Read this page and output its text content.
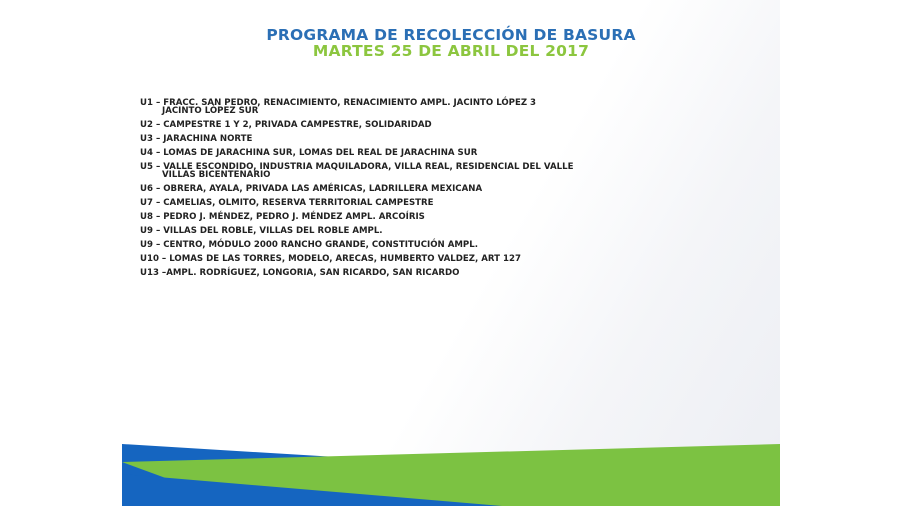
PROGRAMA DE RECOLECCIÓN DE BASURA
MARTES 25 DE ABRIL DEL 2017
U1 – FRACC. SAN PEDRO, RENACIMIENTO, RENACIMIENTO AMPL. JACINTO LÓPEZ 3
JACINTO LÓPEZ SUR
U2 – CAMPESTRE 1 Y 2, PRIVADA CAMPESTRE, SOLIDARIDAD
U3 – JARACHINA NORTE
U4 – LOMAS DE JARACHINA SUR, LOMAS DEL REAL DE JARACHINA SUR
U5 – VALLE ESCONDIDO, INDUSTRIA MAQUILADORA, VILLA REAL, RESIDENCIAL DEL VALLE
VILLAS BICENTENARIO
U6 – OBRERA, AYALA, PRIVADA LAS AMÉRICAS, LADRILLERA MEXICANA
U7 – CAMELIAS, OLMITO, RESERVA TERRITORIAL CAMPESTRE
U8 – PEDRO J. MÉNDEZ, PEDRO J. MÉNDEZ AMPL. ARCOÍRIS
U9 – VILLAS DEL ROBLE, VILLAS DEL ROBLE AMPL.
U9 – CENTRO, MÓDULO 2000 RANCHO GRANDE, CONSTITUCIÓN AMPL.
U10 – LOMAS DE LAS TORRES, MODELO, ARECAS, HUMBERTO VALDEZ, ART 127
U13 –AMPL. RODRÍGUEZ, LONGORIA, SAN RICARDO, SAN RICARDO
